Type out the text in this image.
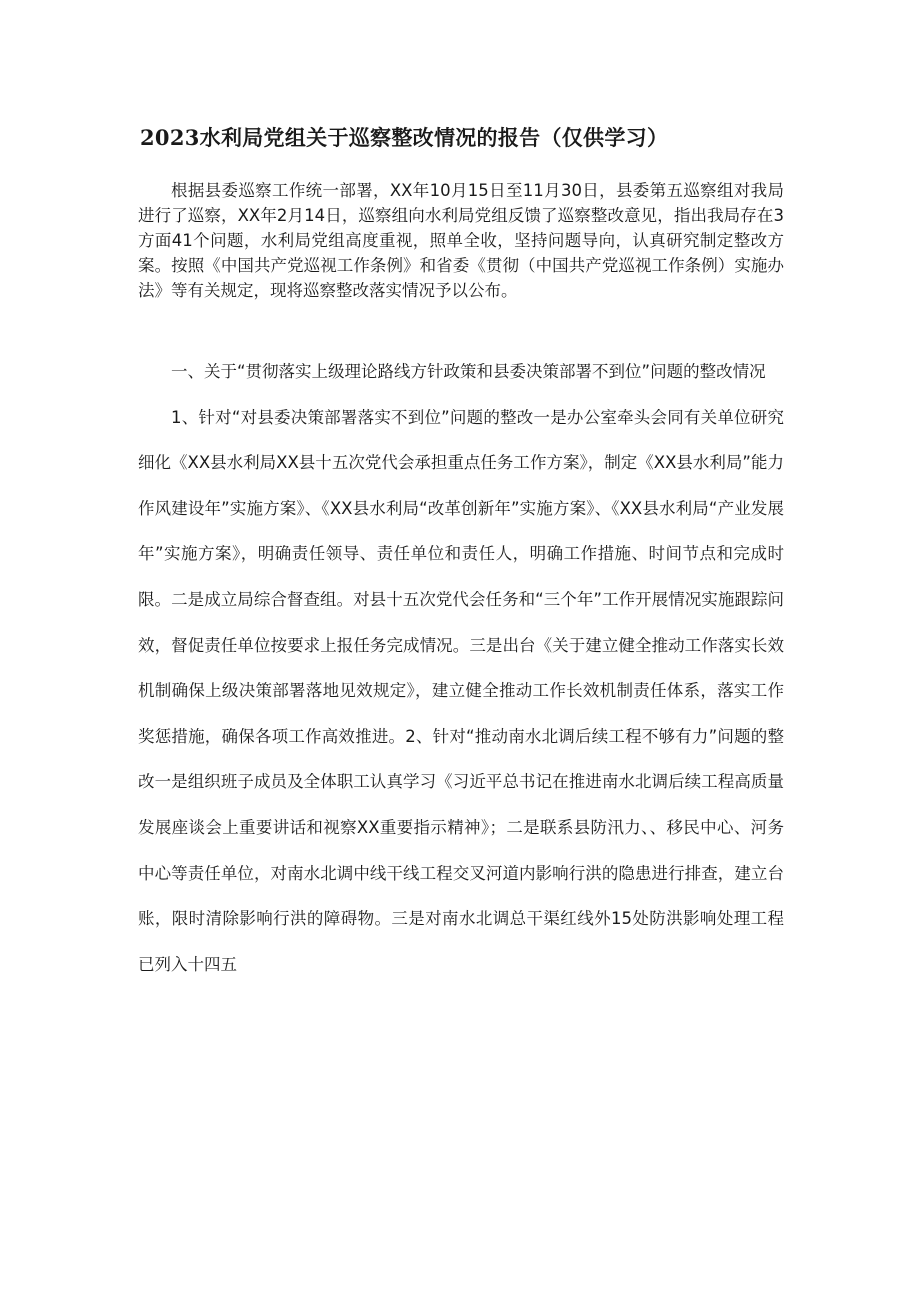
2023水利局党组关于巡察整改情况的报告（仅供学习）

根据县委巡察工作统一部署，XX年10月15日至11月30日，县委第五巡察组对我局进行了巡察，XX年2月14日，巡察组向水利局党组反馈了巡察整改意见，指出我局存在3方面41个问题，水利局党组高度重视，照单全收，坚持问题导向，认真研究制定整改方案。按照《中国共产党巡视工作条例》和省委《贯彻（中国共产党巡视工作条例）实施办法》等有关规定，现将巡察整改落实情况予以公布。

一、关于“贯彻落实上级理论路线方针政策和县委决策部署不到位”问题的整改情况

1、针对“对县委决策部署落实不到位”问题的整改一是办公室牵头会同有关单位研究细化《XX县水利局XX县十五次党代会承担重点任务工作方案》，制定《XX县水利局”能力作风建设年”实施方案》、《XX县水利局“改革创新年”实施方案》、《XX县水利局“产业发展年”实施方案》，明确责任领导、责任单位和责任人，明确工作措施、时间节点和完成时限。二是成立局综合督查组。对县十五次党代会任务和“三个年”工作开展情况实施跟踪问效，督促责任单位按要求上报任务完成情况。三是出台《关于建立健全推动工作落实长效机制确保上级决策部署落地见效规定》，建立健全推动工作长效机制责任体系，落实工作奖惩措施，确保各项工作高效推进。2、针对“推动南水北调后续工程不够有力”问题的整改一是组织班子成员及全体职工认真学习《习近平总书记在推进南水北调后续工程高质量发展座谈会上重要讲话和视察XX重要指示精神》；二是联系县防汛力、、移民中心、河务中心等责任单位，对南水北调中线干线工程交叉河道内影响行洪的隐患进行排查，建立台账，限时清除影响行洪的障碍物。三是对南水北调总干渠红线外15处防洪影响处理工程已列入十四五
